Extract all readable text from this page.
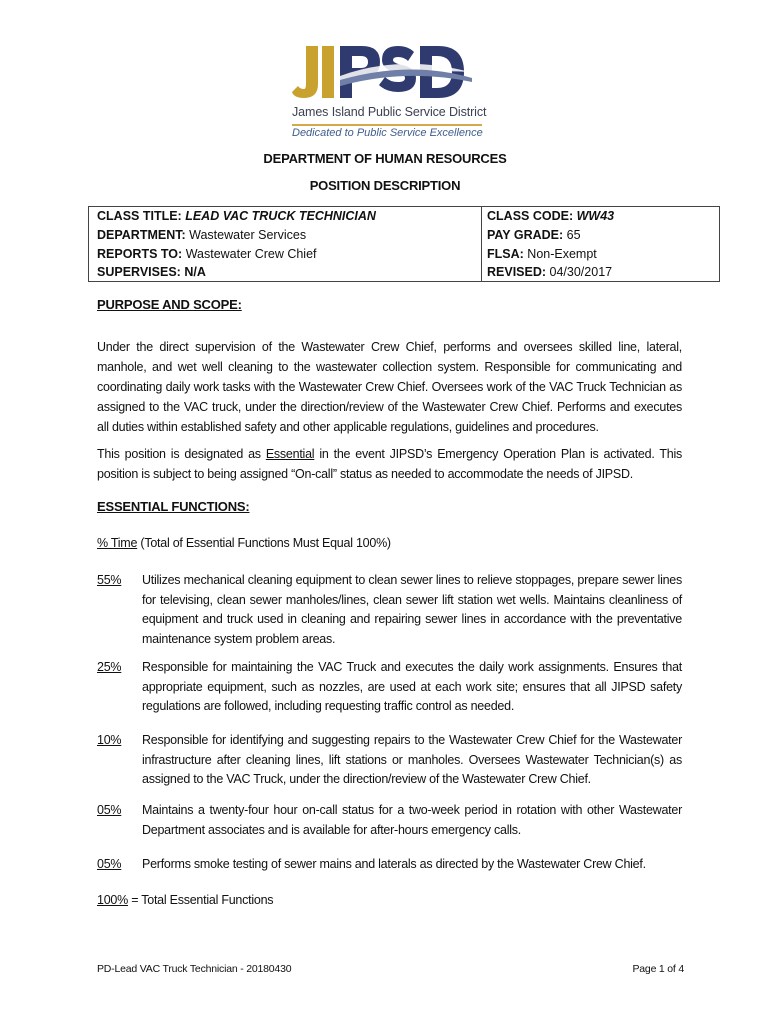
James Island Public Service District
Dedicated to Public Service Excellence
DEPARTMENT OF HUMAN RESOURCES
POSITION DESCRIPTION
CLASS TITLE: LEAD VAC TRUCK TECHNICIAN
DEPARTMENT: Wastewater Services
REPORTS TO: Wastewater Crew Chief
SUPERVISES: N/A
CLASS CODE: WW43
PAY GRADE: 65
FLSA: Non-Exempt
REVISED: 04/30/2017
PURPOSE AND SCOPE:
Under the direct supervision of the Wastewater Crew Chief, performs and oversees skilled line, lateral, manhole, and wet well cleaning to the wastewater collection system. Responsible for communicating and coordinating daily work tasks with the Wastewater Crew Chief. Oversees work of the VAC Truck Technician as assigned to the VAC truck, under the direction/review of the Wastewater Crew Chief. Performs and executes all duties within established safety and other applicable regulations, guidelines and procedures.
This position is designated as Essential in the event JIPSD’s Emergency Operation Plan is activated. This position is subject to being assigned “On-call” status as needed to accommodate the needs of JIPSD.
ESSENTIAL FUNCTIONS:
% Time (Total of Essential Functions Must Equal 100%)
55% Utilizes mechanical cleaning equipment to clean sewer lines to relieve stoppages, prepare sewer lines for televising, clean sewer manholes/lines, clean sewer lift station wet wells. Maintains cleanliness of equipment and truck used in cleaning and repairing sewer lines in accordance with the preventative maintenance system problem areas.
25% Responsible for maintaining the VAC Truck and executes the daily work assignments. Ensures that appropriate equipment, such as nozzles, are used at each work site; ensures that all JIPSD safety regulations are followed, including requesting traffic control as needed.
10% Responsible for identifying and suggesting repairs to the Wastewater Crew Chief for the Wastewater infrastructure after cleaning lines, lift stations or manholes. Oversees Wastewater Technician(s) as assigned to the VAC Truck, under the direction/review of the Wastewater Crew Chief.
05% Maintains a twenty-four hour on-call status for a two-week period in rotation with other Wastewater Department associates and is available for after-hours emergency calls.
05% Performs smoke testing of sewer mains and laterals as directed by the Wastewater Crew Chief.
100% = Total Essential Functions
PD-Lead VAC Truck Technician - 20180430	Page 1 of 4
